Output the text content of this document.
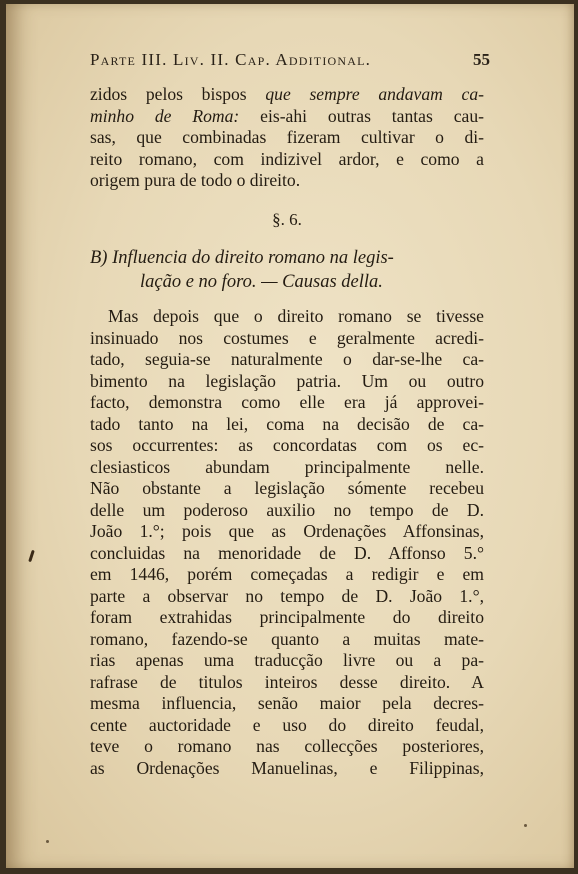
Parte III. Liv. II. Cap. Additional.	55
zidos pelos bispos que sempre andavam ca-
minho de Roma: eis-ahi outras tantas cau-
sas, que combinadas fizeram cultivar o di-
reito romano, com indizivel ardor, e como a
origem pura de todo o direito.
§. 6.
B) Influencia do direito romano na legis-
lação e no foro. — Causas della.
Mas depois que o direito romano se tivesse
insinuado nos costumes e geralmente acredi-
tado, seguia-se naturalmente o dar-se-lhe ca-
bimento na legislação patria. Um ou outro
facto, demonstra como elle era já approvei-
tado tanto na lei, coma na decisão de ca-
sos occurrentes: as concordatas com os ec-
clesiasticos abundam principalmente nelle.
Não obstante a legislação sómente recebeu
delle um poderoso auxilio no tempo de D.
João 1.°; pois que as Ordenações Affonsinas,
concluidas na menoridade de D. Affonso 5.°
em 1446, porém começadas a redigir e em
parte a observar no tempo de D. João 1.°,
foram extrahidas principalmente do direito
romano, fazendo-se quanto a muitas mate-
rias apenas uma traducção livre ou a pa-
rafrase de titulos inteiros desse direito. A
mesma influencia, senão maior pela decres-
cente auctoridade e uso do direito feudal,
teve o romano nas collecções posteriores,
as Ordenações Manuelinas, e Filippinas,
